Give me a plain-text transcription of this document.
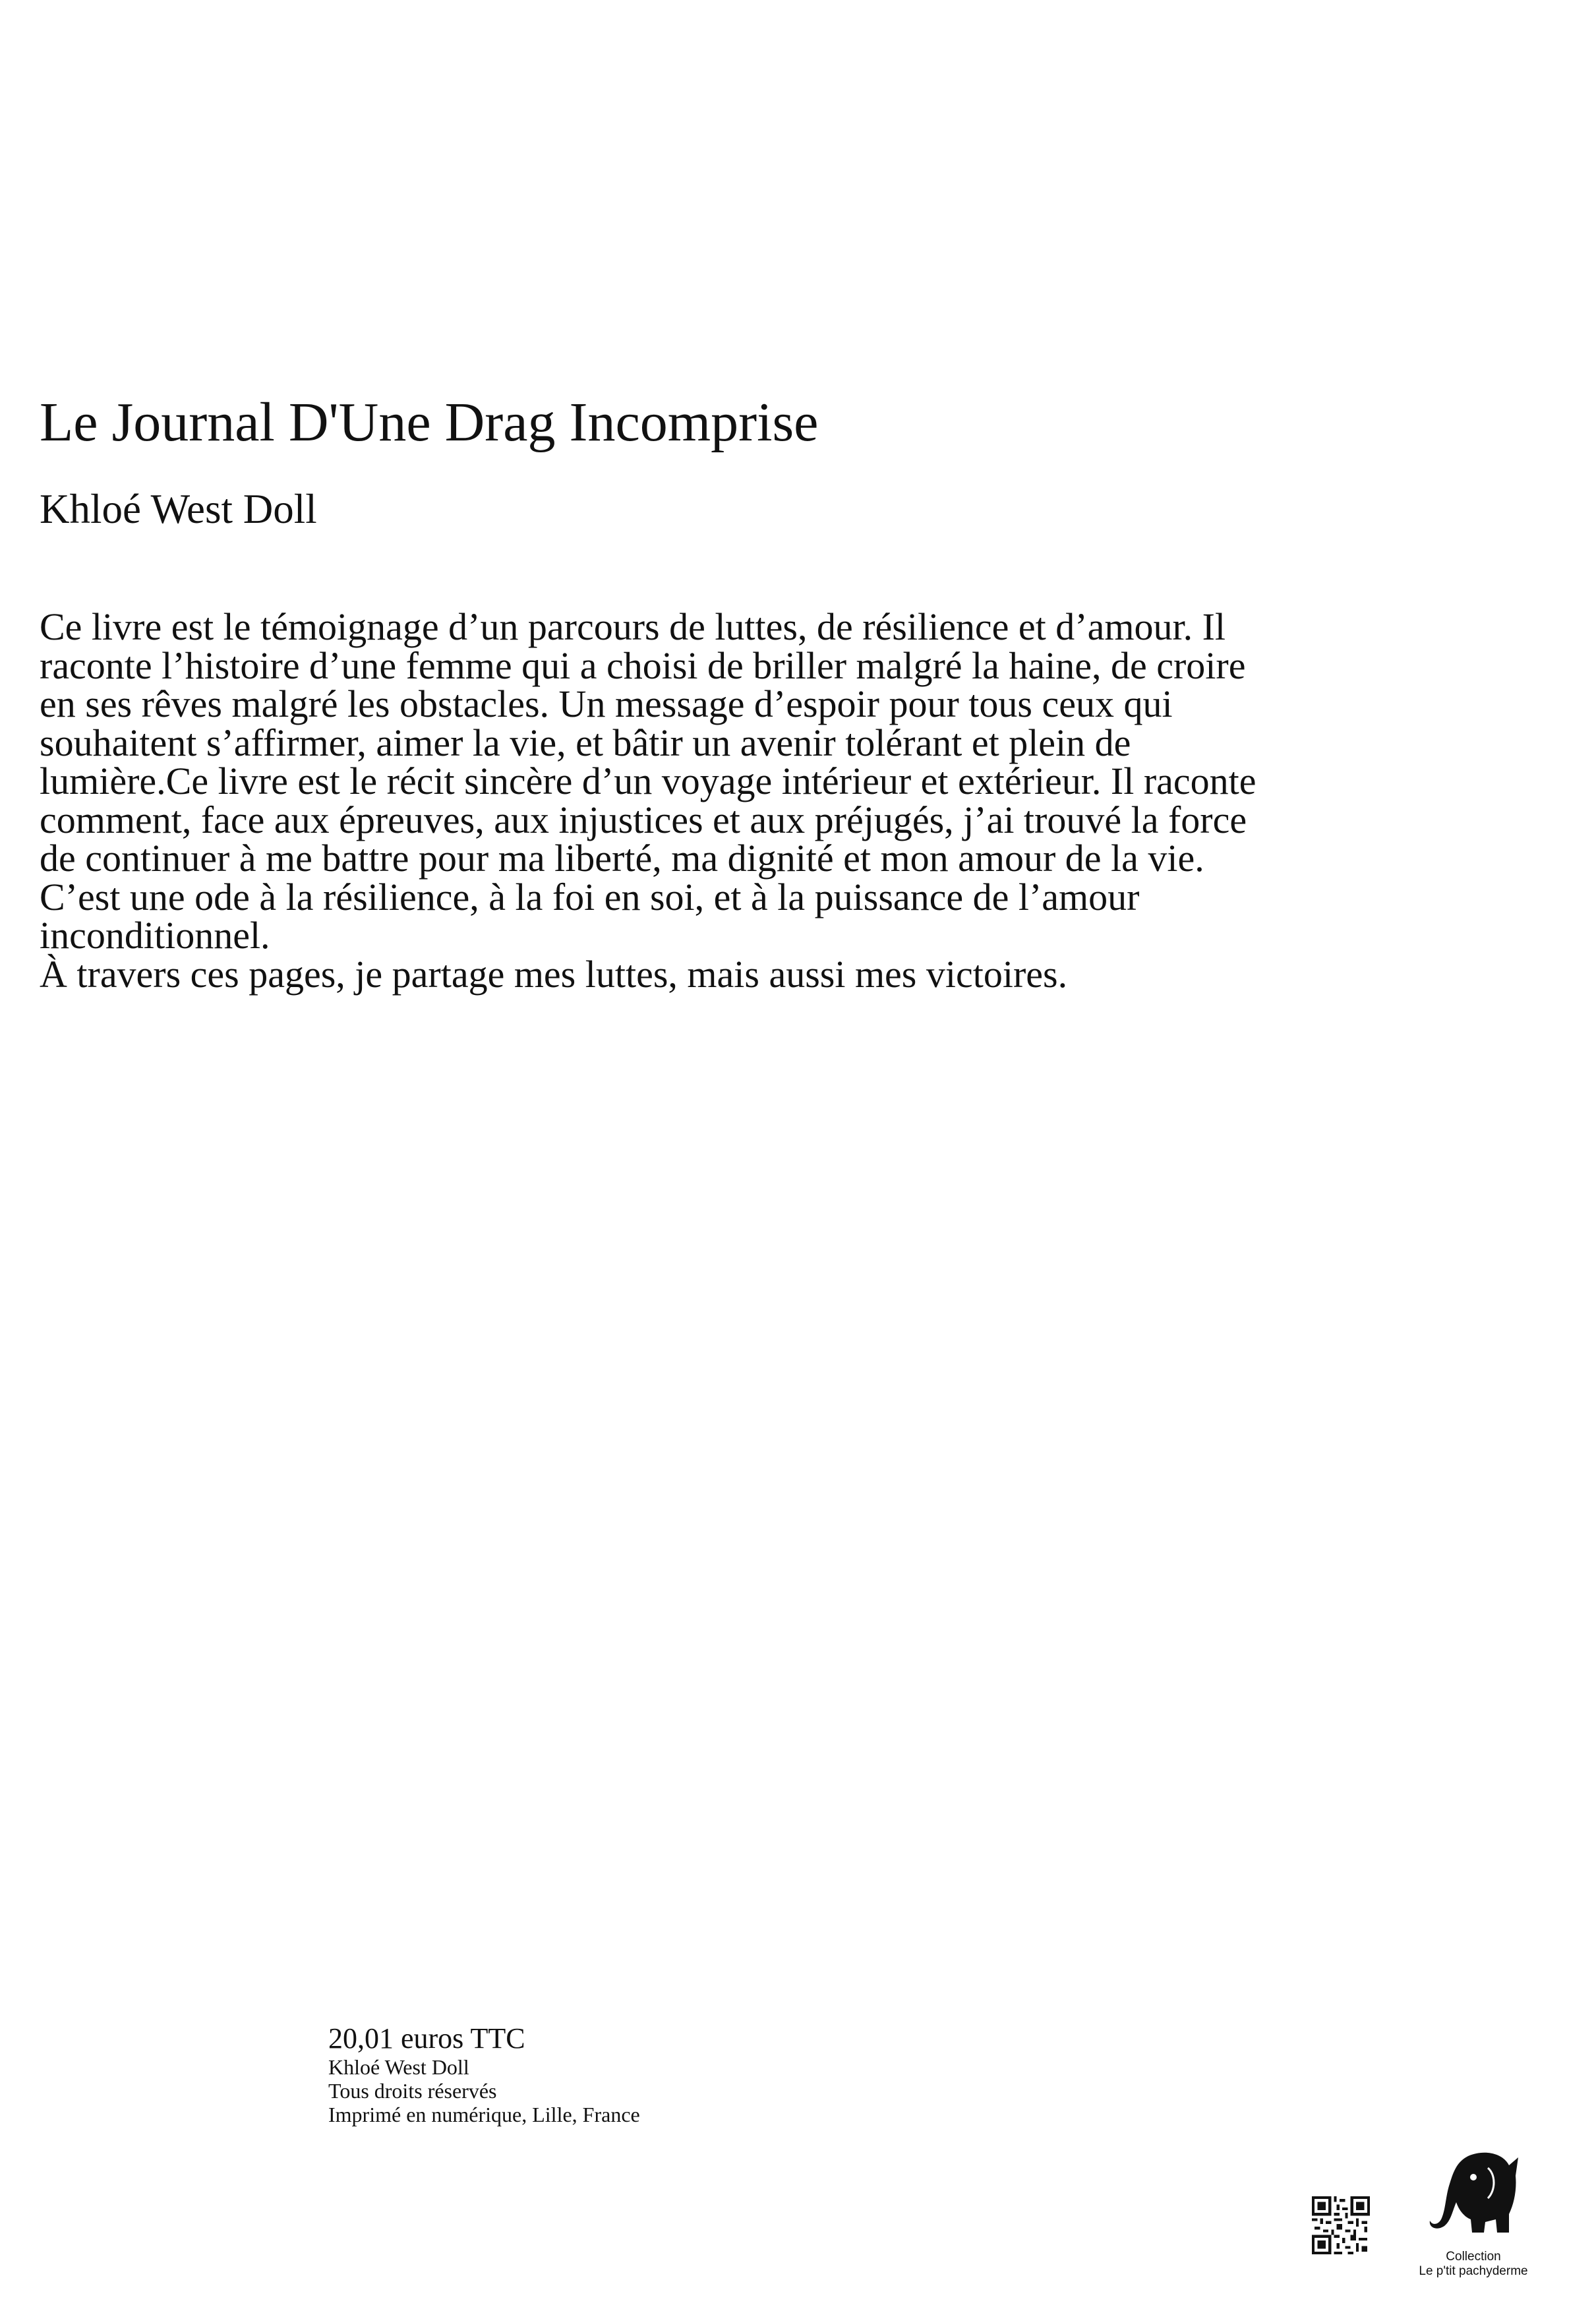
Le Journal D'Une Drag Incomprise
Khloé West Doll

Ce livre est le témoignage d’un parcours de luttes, de résilience et d’amour. Il raconte l’histoire d’une femme qui a choisi de briller malgré la haine, de croire en ses rêves malgré les obstacles. Un message d’espoir pour tous ceux qui souhaitent s’affirmer, aimer la vie, et bâtir un avenir tolérant et plein de lumière.Ce livre est le récit sincère d’un voyage intérieur et extérieur. Il raconte comment, face aux épreuves, aux injustices et aux préjugés, j’ai trouvé la force de continuer à me battre pour ma liberté, ma dignité et mon amour de la vie. C’est une ode à la résilience, à la foi en soi, et à la puissance de l’amour inconditionnel.

À travers ces pages, je partage mes luttes, mais aussi mes victoires.

20,01 euros TTC
Khloé West Doll
Tous droits réservés
Imprimé en numérique, Lille, France
Collection
Le p'tit pachyderme
